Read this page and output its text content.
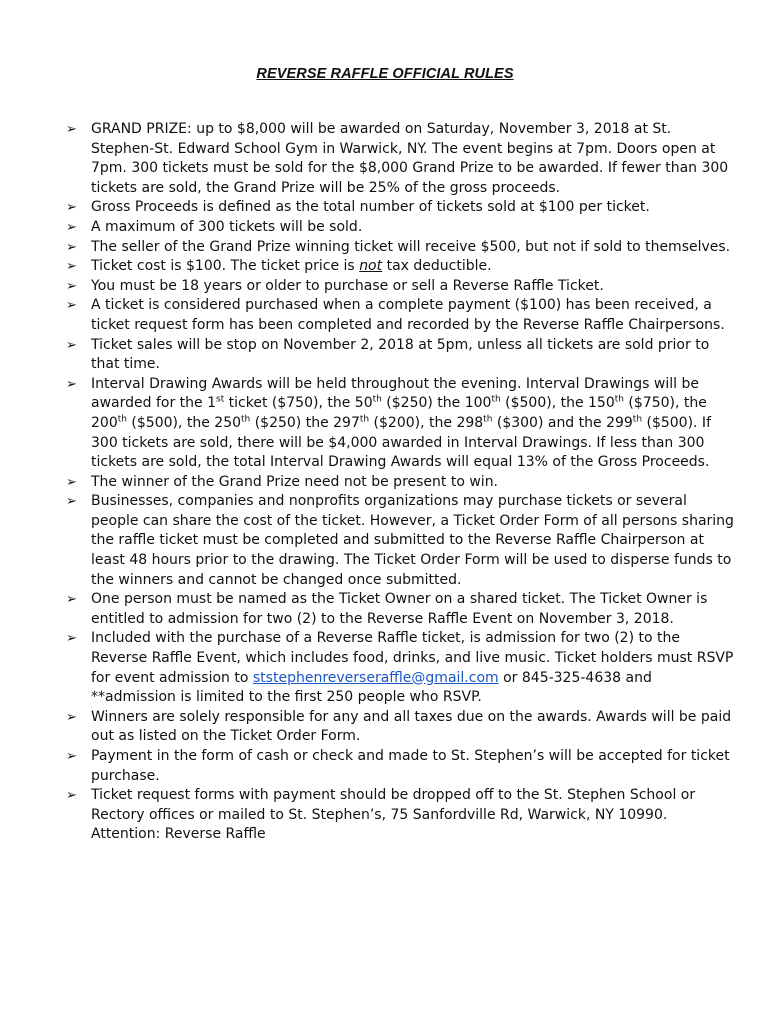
REVERSE RAFFLE OFFICIAL RULES
➢	GRAND PRIZE: up to $8,000 will be awarded on Saturday, November 3, 2018 at St. Stephen-St. Edward School Gym in Warwick, NY. The event begins at 7pm. Doors open at 7pm. 300 tickets must be sold for the $8,000 Grand Prize to be awarded. If fewer than 300 tickets are sold, the Grand Prize will be 25% of the gross proceeds.
➢	Gross Proceeds is defined as the total number of tickets sold at $100 per ticket.
➢	A maximum of 300 tickets will be sold.
➢	The seller of the Grand Prize winning ticket will receive $500, but not if sold to themselves.
➢	Ticket cost is $100. The ticket price is not tax deductible.
➢	You must be 18 years or older to purchase or sell a Reverse Raffle Ticket.
➢	A ticket is considered purchased when a complete payment ($100) has been received, a ticket request form has been completed and recorded by the Reverse Raffle Chairpersons.
➢	Ticket sales will be stop on November 2, 2018 at 5pm, unless all tickets are sold prior to that time.
➢	Interval Drawing Awards will be held throughout the evening. Interval Drawings will be awarded for the 1st ticket ($750), the 50th ($250) the 100th ($500), the 150th ($750), the 200th ($500), the 250th ($250) the 297th ($200), the 298th ($300) and the 299th ($500). If 300 tickets are sold, there will be $4,000 awarded in Interval Drawings. If less than 300 tickets are sold, the total Interval Drawing Awards will equal 13% of the Gross Proceeds.
➢	The winner of the Grand Prize need not be present to win.
➢	Businesses, companies and nonprofits organizations may purchase tickets or several people can share the cost of the ticket. However, a Ticket Order Form of all persons sharing the raffle ticket must be completed and submitted to the Reverse Raffle Chairperson at least 48 hours prior to the drawing. The Ticket Order Form will be used to disperse funds to the winners and cannot be changed once submitted.
➢	One person must be named as the Ticket Owner on a shared ticket. The Ticket Owner is entitled to admission for two (2) to the Reverse Raffle Event on November 3, 2018.
➢	Included with the purchase of a Reverse Raffle ticket, is admission for two (2) to the Reverse Raffle Event, which includes food, drinks, and live music. Ticket holders must RSVP for event admission to ststephenreverseraffle@gmail.com or 845-325-4638 and **admission is limited to the first 250 people who RSVP.
➢	Winners are solely responsible for any and all taxes due on the awards. Awards will be paid out as listed on the Ticket Order Form.
➢	Payment in the form of cash or check and made to St. Stephen’s will be accepted for ticket purchase.
➢	Ticket request forms with payment should be dropped off to the St. Stephen School or Rectory offices or mailed to St. Stephen’s, 75 Sanfordville Rd, Warwick, NY 10990. Attention: Reverse Raffle
